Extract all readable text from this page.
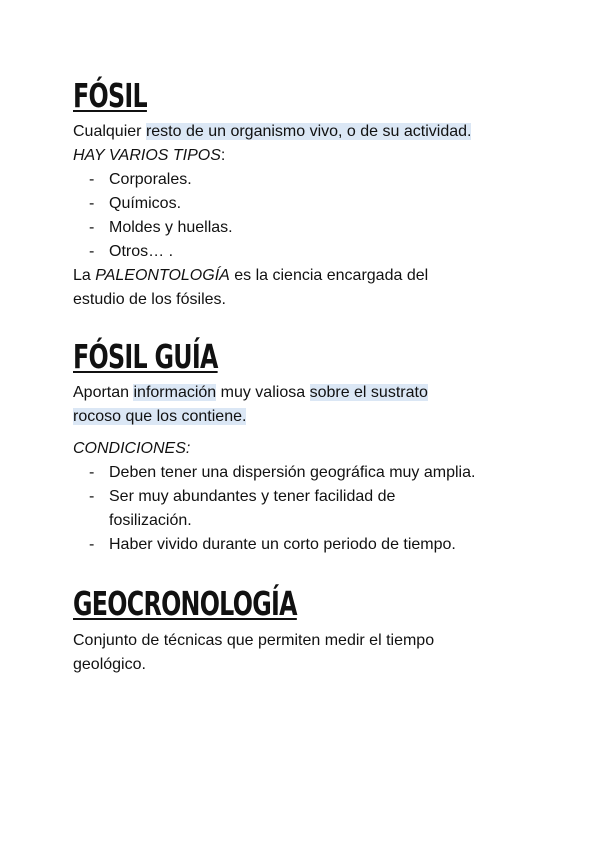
FÓSIL
Cualquier resto de un organismo vivo, o de su actividad.
HAY VARIOS TIPOS:
- Corporales.
- Químicos.
- Moldes y huellas.
- Otros… .
La PALEONTOLOGÍA es la ciencia encargada del
estudio de los fósiles.
FÓSIL GUÍA
Aportan información muy valiosa sobre el sustrato
rocoso que los contiene.
CONDICIONES:
- Deben tener una dispersión geográfica muy amplia.
- Ser muy abundantes y tener facilidad de
fosilización.
- Haber vivido durante un corto periodo de tiempo.
GEOCRONOLOGÍA
Conjunto de técnicas que permiten medir el tiempo
geológico.
